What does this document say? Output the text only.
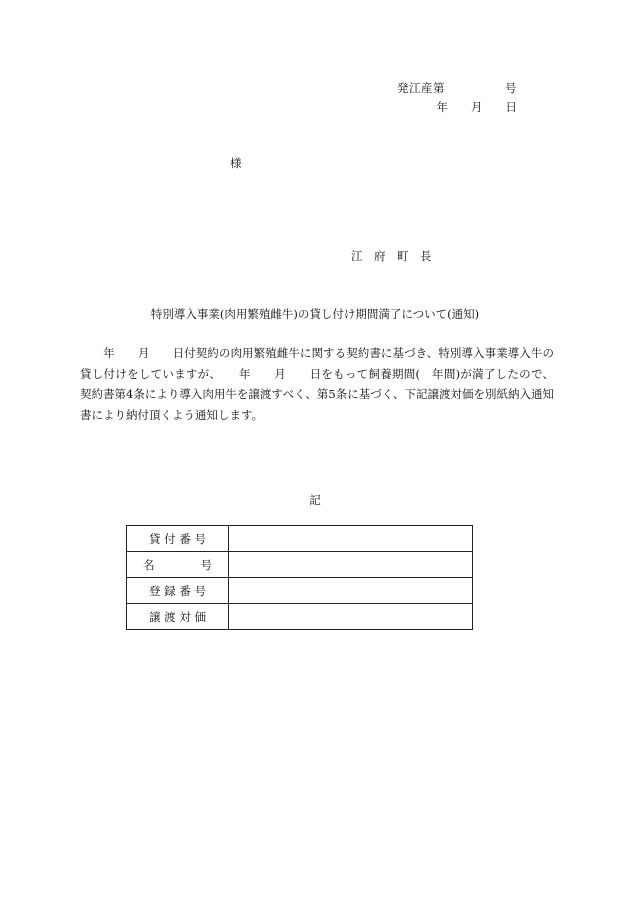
発江産第　　　　　号
年　　月　　日
様
江　府　町　長
特別導入事業(肉用繁殖雌牛)の貸し付け期間満了について(通知)
　　年　　月　　日付契約の肉用繁殖雌牛に関する契約書に基づき、特別導入事業導入牛の貸し付けをしていますが、　　年　　月　　日をもって飼養期間(　年間)が満了したので、契約書第4条により導入肉用牛を譲渡すべく、第5条に基づく、下記譲渡対価を別紙納入通知書により納付頂くよう通知します。
記
貸 付 番 号	
名　　　　号	
登 録 番 号	
譲 渡 対 価	
